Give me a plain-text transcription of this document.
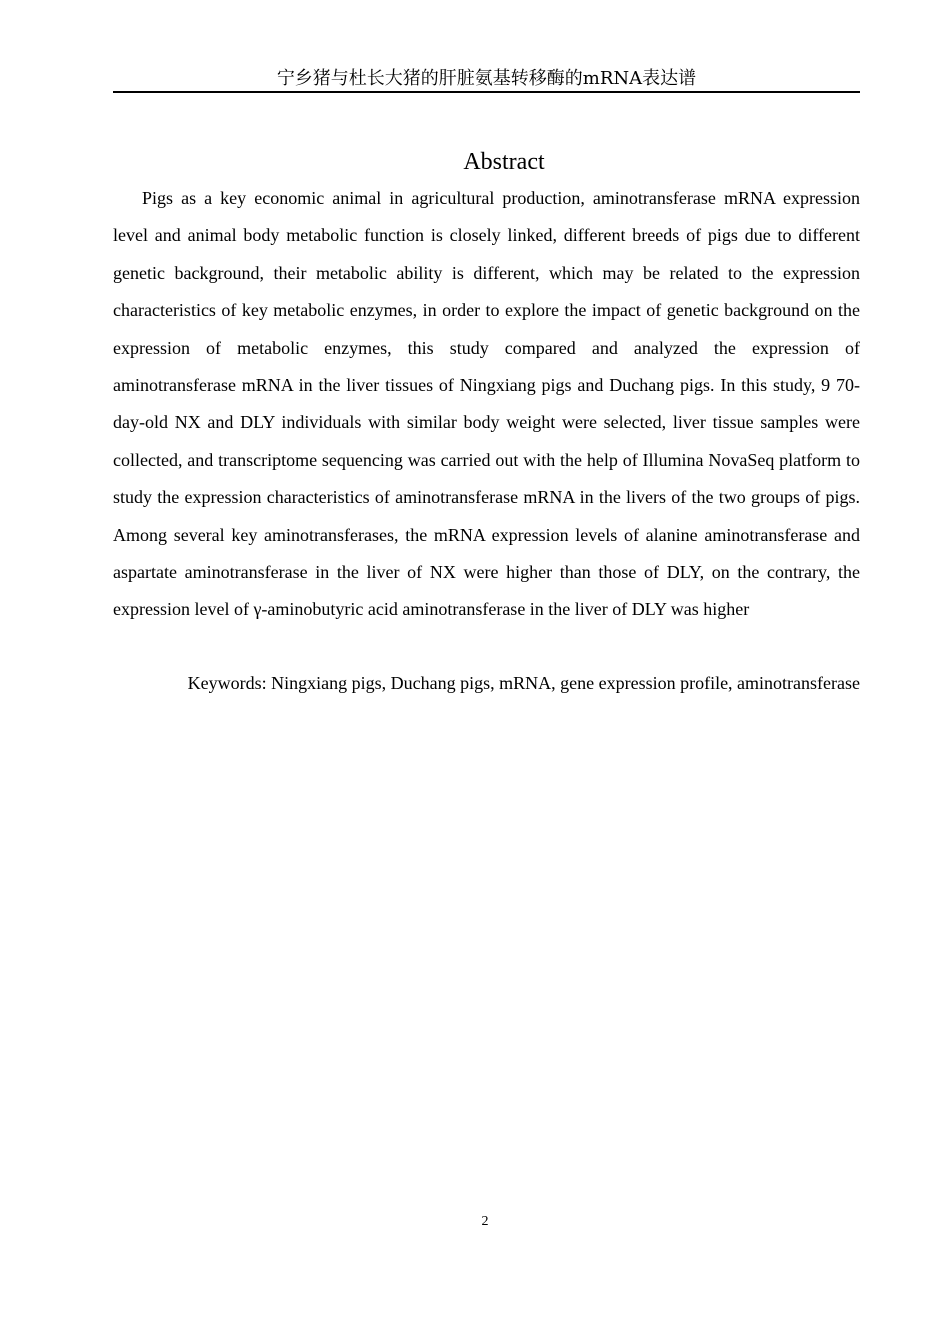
宁乡猪与杜长大猪的肝脏氨基转移酶的mRNA表达谱
Abstract

Pigs as a key economic animal in agricultural production, aminotransferase mRNA expression level and animal body metabolic function is closely linked, different breeds of pigs due to different genetic background, their metabolic ability is different, which may be related to the expression characteristics of key metabolic enzymes, in order to explore the impact of genetic background on the expression of metabolic enzymes, this study compared and analyzed the expression of aminotransferase mRNA in the liver tissues of Ningxiang pigs and Duchang pigs. In this study, 9 70-day-old NX and DLY individuals with similar body weight were selected, liver tissue samples were collected, and transcriptome sequencing was carried out with the help of Illumina NovaSeq platform to study the expression characteristics of aminotransferase mRNA in the livers of the two groups of pigs. Among several key aminotransferases, the mRNA expression levels of alanine aminotransferase and aspartate aminotransferase in the liver of NX were higher than those of DLY, on the contrary, the expression level of γ-aminobutyric acid aminotransferase in the liver of DLY was higher

Keywords: Ningxiang pigs, Duchang pigs, mRNA, gene expression profile, aminotransferase

2
